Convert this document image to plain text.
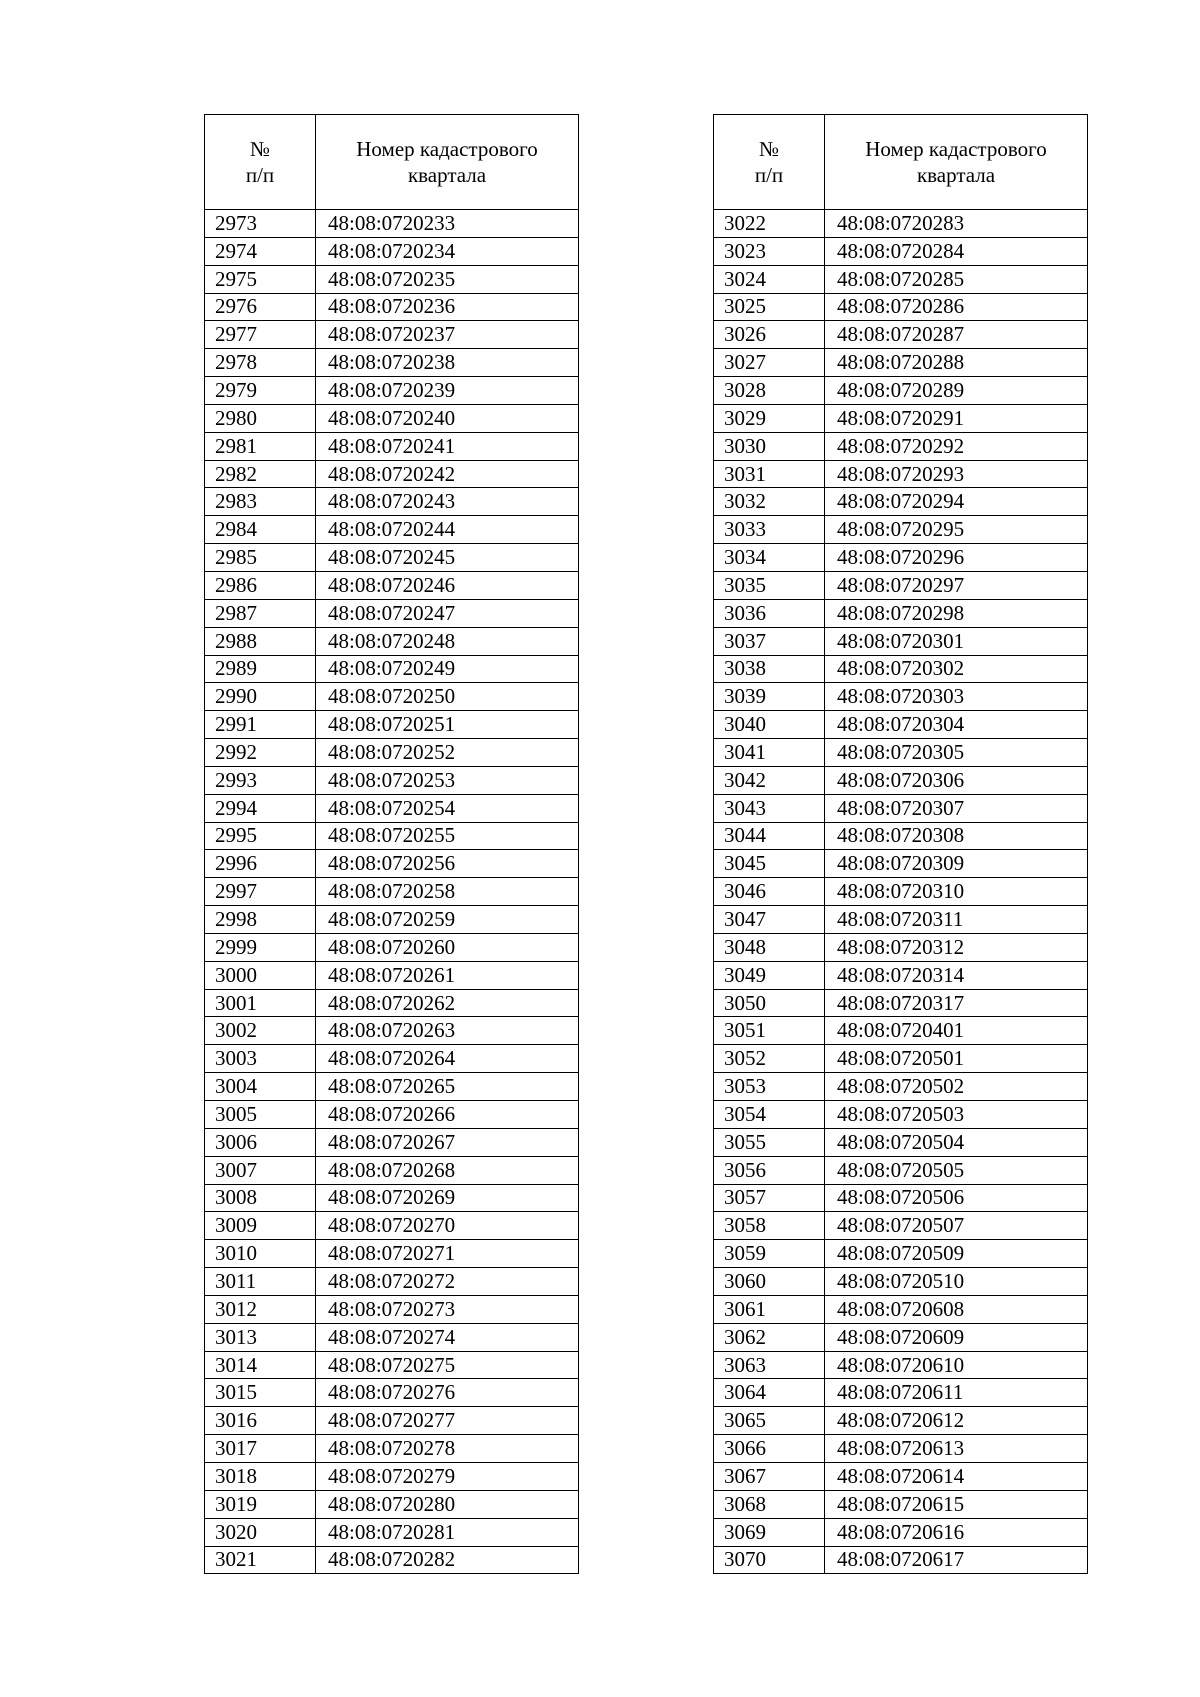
№
п/п	Номер кадастрового
квартала

2973	48:08:0720233
2974	48:08:0720234
2975	48:08:0720235
2976	48:08:0720236
2977	48:08:0720237
2978	48:08:0720238
2979	48:08:0720239
2980	48:08:0720240
2981	48:08:0720241
2982	48:08:0720242
2983	48:08:0720243
2984	48:08:0720244
2985	48:08:0720245
2986	48:08:0720246
2987	48:08:0720247
2988	48:08:0720248
2989	48:08:0720249
2990	48:08:0720250
2991	48:08:0720251
2992	48:08:0720252
2993	48:08:0720253
2994	48:08:0720254
2995	48:08:0720255
2996	48:08:0720256
2997	48:08:0720258
2998	48:08:0720259
2999	48:08:0720260
3000	48:08:0720261
3001	48:08:0720262
3002	48:08:0720263
3003	48:08:0720264
3004	48:08:0720265
3005	48:08:0720266
3006	48:08:0720267
3007	48:08:0720268
3008	48:08:0720269
3009	48:08:0720270
3010	48:08:0720271
3011	48:08:0720272
3012	48:08:0720273
3013	48:08:0720274
3014	48:08:0720275
3015	48:08:0720276
3016	48:08:0720277
3017	48:08:0720278
3018	48:08:0720279
3019	48:08:0720280
3020	48:08:0720281
3021	48:08:0720282
№
п/п	Номер кадастрового
квартала

3022	48:08:0720283
3023	48:08:0720284
3024	48:08:0720285
3025	48:08:0720286
3026	48:08:0720287
3027	48:08:0720288
3028	48:08:0720289
3029	48:08:0720291
3030	48:08:0720292
3031	48:08:0720293
3032	48:08:0720294
3033	48:08:0720295
3034	48:08:0720296
3035	48:08:0720297
3036	48:08:0720298
3037	48:08:0720301
3038	48:08:0720302
3039	48:08:0720303
3040	48:08:0720304
3041	48:08:0720305
3042	48:08:0720306
3043	48:08:0720307
3044	48:08:0720308
3045	48:08:0720309
3046	48:08:0720310
3047	48:08:0720311
3048	48:08:0720312
3049	48:08:0720314
3050	48:08:0720317
3051	48:08:0720401
3052	48:08:0720501
3053	48:08:0720502
3054	48:08:0720503
3055	48:08:0720504
3056	48:08:0720505
3057	48:08:0720506
3058	48:08:0720507
3059	48:08:0720509
3060	48:08:0720510
3061	48:08:0720608
3062	48:08:0720609
3063	48:08:0720610
3064	48:08:0720611
3065	48:08:0720612
3066	48:08:0720613
3067	48:08:0720614
3068	48:08:0720615
3069	48:08:0720616
3070	48:08:0720617
